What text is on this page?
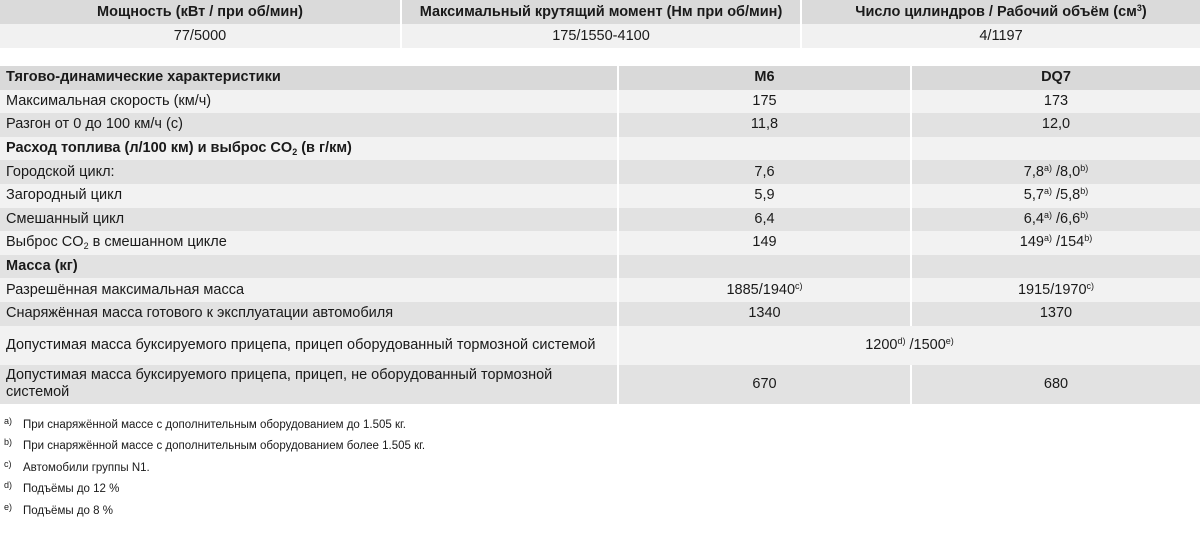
Мощность (кВт / при об/мин)	Максимальный крутящий момент (Нм при об/мин)	Число цилиндров / Рабочий объём $(см^3)$
77/5000	175/1550-4100	4/1197
Тягово-динамические характеристики	M6	DQ7
Максимальная скорость (км/ч)	175	173
Разгон от 0 до 100 км/ч (с)	11,8	12,0
Расход топлива (л/100 км) и выброс $CO_2$ (в г/км)		
Городской цикл:	7,6	7,8$^{a)}$ /8,0$^{b)}$
Загородный цикл	5,9	5,7$^{a)}$ /5,8$^{b)}$
Смешанный цикл	6,4	6,4$^{a)}$ /6,6$^{b)}$
Выброс $CO_2$ в смешанном цикле	149	149$^{a)}$ /154$^{b)}$
Масса (кг)		
Разрешённая максимальная масса	1885/1940$^{c)}$	1915/1970$^{c)}$
Снаряжённая масса готового к эксплуатации автомобиля	1340	1370
Допустимая масса буксируемого прицепа, прицеп оборудованный тормозной системой	1200$^{d)}$ /1500$^{e)}$
Допустимая масса буксируемого прицепа, прицеп, не оборудованный тормозной системой	670	680
a) При снаряжённой массе с дополнительным оборудованием до 1.505 кг.
b) При снаряжённой массе с дополнительным оборудованием более 1.505 кг.
c) Автомобили группы N1.
d) Подъёмы до 12 %
e) Подъёмы до 8 %
